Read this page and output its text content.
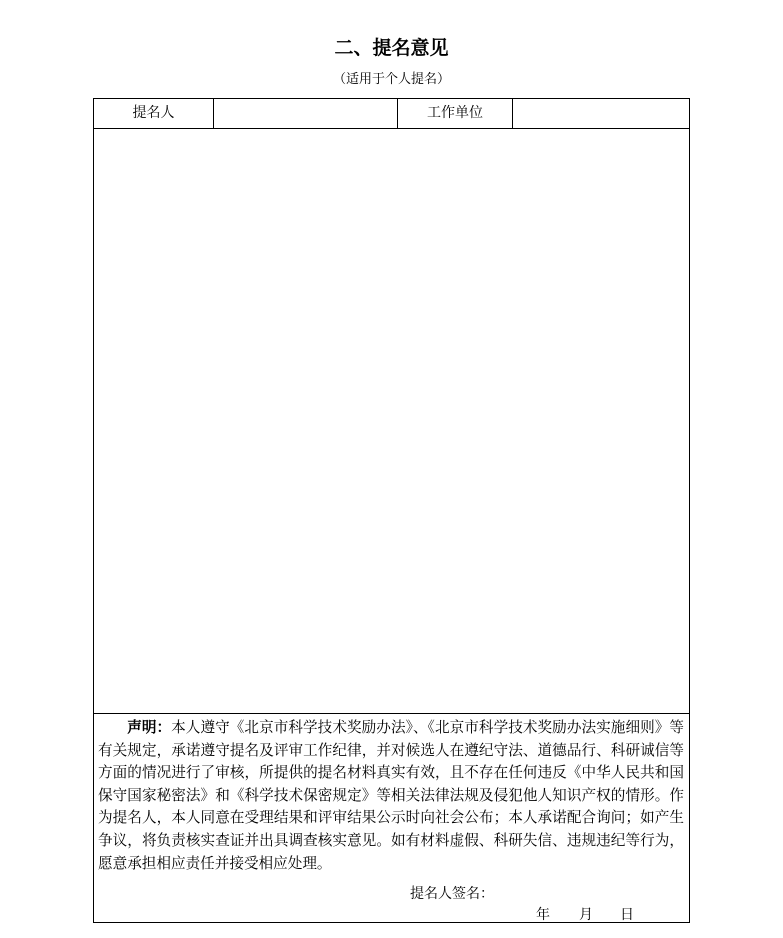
二、提名意见
（适用于个人提名）
提名人	工作单位

声明：本人遵守《北京市科学技术奖励办法》、《北京市科学技术奖励办法实施细则》等有关规定，承诺遵守提名及评审工作纪律，并对候选人在遵纪守法、道德品行、科研诚信等方面的情况进行了审核，所提供的提名材料真实有效，且不存在任何违反《中华人民共和国保守国家秘密法》和《科学技术保密规定》等相关法律法规及侵犯他人知识产权的情形。作为提名人，本人同意在受理结果和评审结果公示时向社会公布；本人承诺配合询问；如产生争议，将负责核实查证并出具调查核实意见。如有材料虚假、科研失信、违规违纪等行为，愿意承担相应责任并接受相应处理。

提名人签名：
年 月 日
